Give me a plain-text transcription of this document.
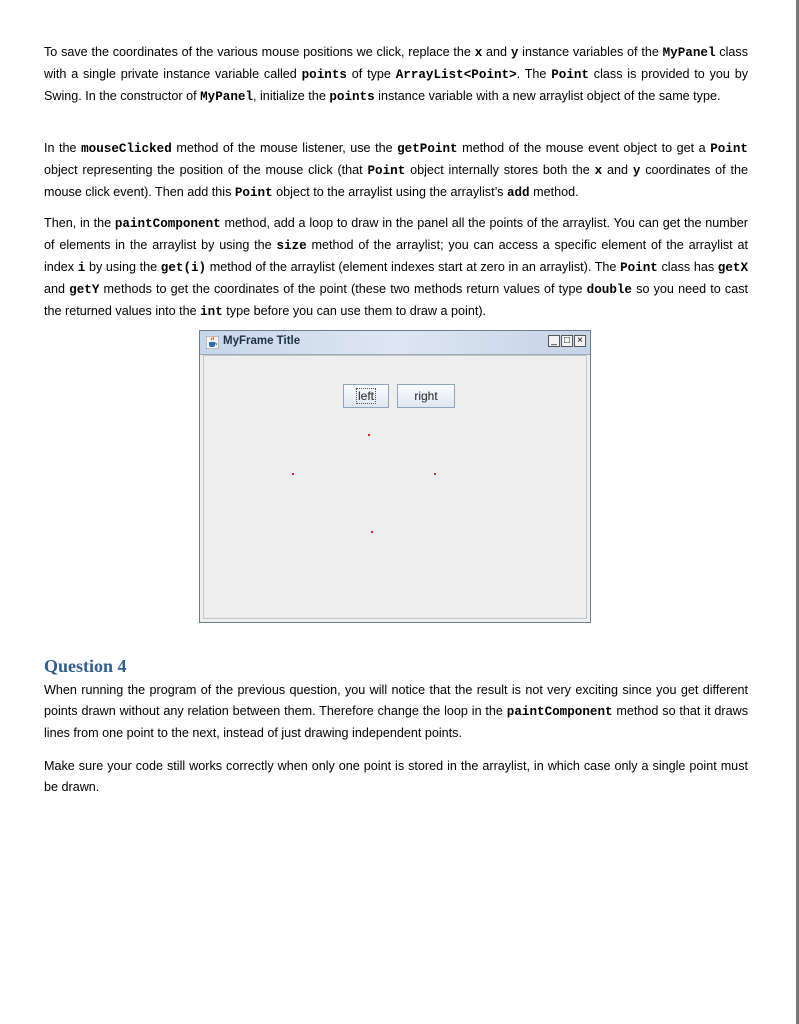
To save the coordinates of the various mouse positions we click, replace the x and y instance variables of the MyPanel class with a single private instance variable called points of type ArrayList<Point>. The Point class is provided to you by Swing. In the constructor of MyPanel, initialize the points instance variable with a new arraylist object of the same type.

In the mouseClicked method of the mouse listener, use the getPoint method of the mouse event object to get a Point object representing the position of the mouse click (that Point object internally stores both the x and y coordinates of the mouse click event). Then add this Point object to the arraylist using the arraylist’s add method.

Then, in the paintComponent method, add a loop to draw in the panel all the points of the arraylist. You can get the number of elements in the arraylist by using the size method of the arraylist; you can access a specific element of the arraylist at index i by using the get(i) method of the arraylist (element indexes start at zero in an arraylist). The Point class has getX and getY methods to get the coordinates of the point (these two methods return values of type double so you need to cast the returned values into the int type before you can use them to draw a point).

MyFrame Title	_ □ ×
left	right
Question 4

When running the program of the previous question, you will notice that the result is not very exciting since you get different points drawn without any relation between them. Therefore change the loop in the paintComponent method so that it draws lines from one point to the next, instead of just drawing independent points.

Make sure your code still works correctly when only one point is stored in the arraylist, in which case only a single point must be drawn.
